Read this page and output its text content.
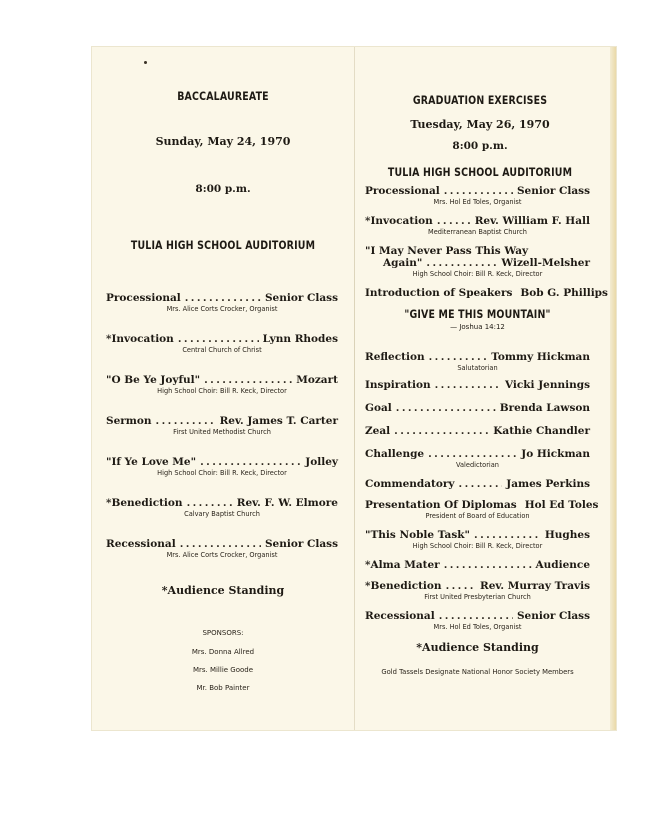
BACCALAUREATE
Sunday, May 24, 1970
8:00 p.m.
TULIA HIGH SCHOOL AUDITORIUM
Processional .....	Senior Class
Mrs. Alice Corts Crocker, Organist
*Invocation .....	Lynn Rhodes
Central Church of Christ
"O Be Ye Joyful" .....	Mozart
High School Choir: Bill R. Keck, Director
Sermon .....	Rev. James T. Carter
First United Methodist Church
"If Ye Love Me" .....	Jolley
High School Choir: Bill R. Keck, Director
*Benediction .....	Rev. F. W. Elmore
Calvary Baptist Church
Recessional .....	Senior Class
Mrs. Alice Corts Crocker, Organist
*Audience Standing
SPONSORS:
Mrs. Donna Allred
Mrs. Millie Goode
Mr. Bob Painter
GRADUATION EXERCISES
Tuesday, May 26, 1970
8:00 p.m.
TULIA HIGH SCHOOL AUDITORIUM
Processional .....	Senior Class
Mrs. Hol Ed Toles, Organist
*Invocation .....	Rev. William F. Hall
Mediterranean Baptist Church
"I May Never Pass This Way
Again" .....	Wizell-Melsher
High School Choir: Bill R. Keck, Director
Introduction of Speakers Bob G. Phillips
"GIVE ME THIS MOUNTAIN"
— Joshua 14:12
Reflection .....	Tommy Hickman
Salutatorian
Inspiration .....	Vicki Jennings
Goal .....	Brenda Lawson
Zeal .....	Kathie Chandler
Challenge .....	Jo Hickman
Valedictorian
Commendatory .....	James Perkins
Presentation Of Diplomas Hol Ed Toles
President of Board of Education
"This Noble Task" .....	Hughes
High School Choir: Bill R. Keck, Director
*Alma Mater .....	Audience
*Benediction .....	Rev. Murray Travis
First United Presbyterian Church
Recessional .....	Senior Class
Mrs. Hol Ed Toles, Organist
*Audience Standing
Gold Tassels Designate National Honor Society Members
